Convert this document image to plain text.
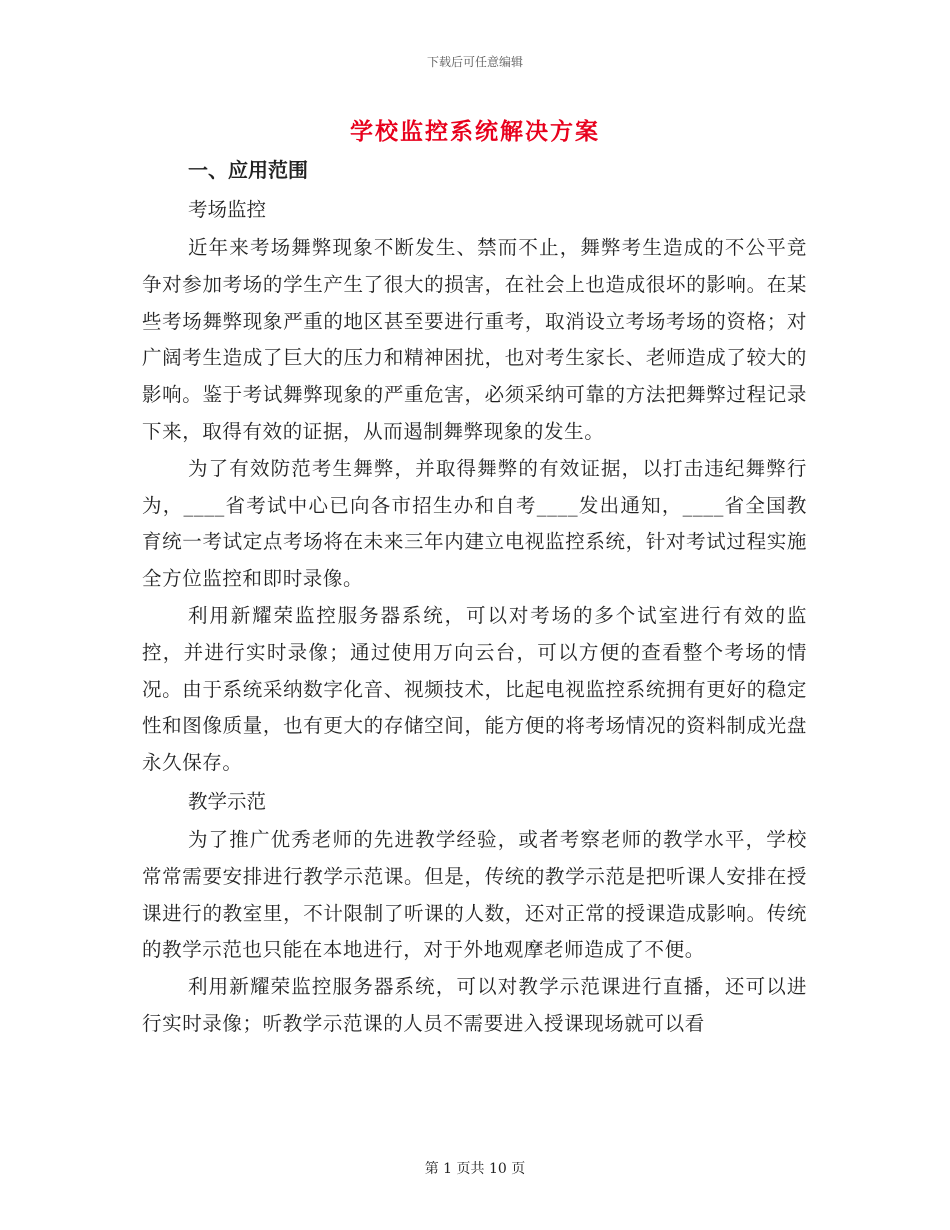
下载后可任意编辑
学校监控系统解决方案

一、应用范围

考场监控

近年来考场舞弊现象不断发生、禁而不止，舞弊考生造成的不公平竞争对参加考场的学生产生了很大的损害，在社会上也造成很坏的影响。在某些考场舞弊现象严重的地区甚至要进行重考，取消设立考场考场的资格；对广阔考生造成了巨大的压力和精神困扰，也对考生家长、老师造成了较大的影响。鉴于考试舞弊现象的严重危害，必须采纳可靠的方法把舞弊过程记录下来，取得有效的证据，从而遏制舞弊现象的发生。

为了有效防范考生舞弊，并取得舞弊的有效证据，以打击违纪舞弊行为，____省考试中心已向各市招生办和自考____发出通知，____省全国教育统一考试定点考场将在未来三年内建立电视监控系统，针对考试过程实施全方位监控和即时录像。

利用新耀荣监控服务器系统，可以对考场的多个试室进行有效的监控，并进行实时录像；通过使用万向云台，可以方便的查看整个考场的情况。由于系统采纳数字化音、视频技术，比起电视监控系统拥有更好的稳定性和图像质量，也有更大的存储空间，能方便的将考场情况的资料制成光盘永久保存。

教学示范

为了推广优秀老师的先进教学经验，或者考察老师的教学水平，学校常常需要安排进行教学示范课。但是，传统的教学示范是把听课人安排在授课进行的教室里，不计限制了听课的人数，还对正常的授课造成影响。传统的教学示范也只能在本地进行，对于外地观摩老师造成了不便。

利用新耀荣监控服务器系统，可以对教学示范课进行直播，还可以进行实时录像；听教学示范课的人员不需要进入授课现场就可以看

第 1 页共 10 页
